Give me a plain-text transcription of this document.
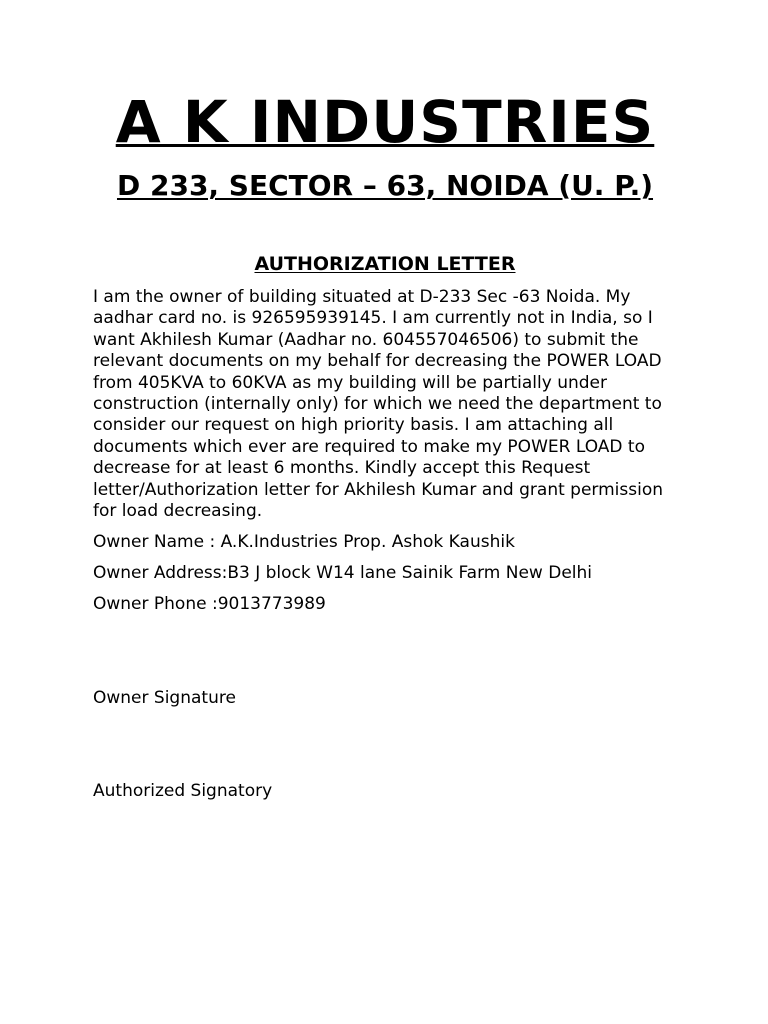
A K INDUSTRIES
D 233, SECTOR – 63, NOIDA (U. P.)
AUTHORIZATION LETTER

I am the owner of building situated at D-233 Sec -63 Noida. My aadhar card no. is 926595939145. I am currently not in India, so I want Akhilesh Kumar (Aadhar no. 604557046506) to submit the relevant documents on my behalf for decreasing the POWER LOAD from 405KVA to 60KVA as my building will be partially under construction (internally only) for which we need the department to consider our request on high priority basis. I am attaching all documents which ever are required to make my POWER LOAD to decrease for at least 6 months. Kindly accept this Request letter/Authorization letter for Akhilesh Kumar and grant permission for load decreasing.

Owner Name : A.K.Industries Prop. Ashok Kaushik

Owner Address:B3 J block W14 lane Sainik Farm New Delhi

Owner Phone :9013773989

Owner Signature

Authorized Signatory
